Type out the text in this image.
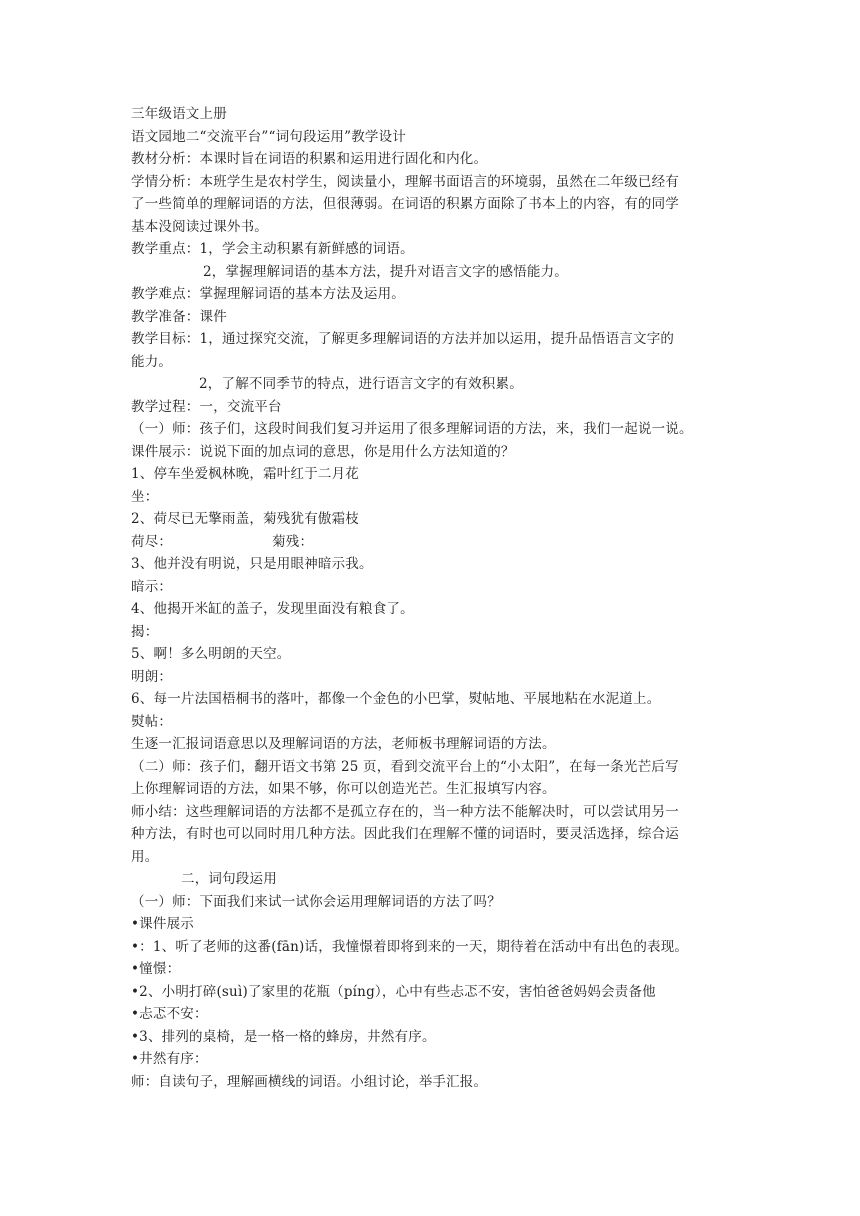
三年级语文上册
语文园地二“交流平台”“词句段运用”教学设计
教材分析：本课时旨在词语的积累和运用进行固化和内化。
学情分析：本班学生是农村学生，阅读量小，理解书面语言的环境弱，虽然在二年级已经有
了一些简单的理解词语的方法，但很薄弱。在词语的积累方面除了书本上的内容，有的同学
基本没阅读过课外书。
教学重点：1，学会主动积累有新鲜感的词语。
2，掌握理解词语的基本方法，提升对语言文字的感悟能力。
教学难点：掌握理解词语的基本方法及运用。
教学准备：课件
教学目标：1，通过探究交流，了解更多理解词语的方法并加以运用，提升品悟语言文字的
能力。
2，了解不同季节的特点，进行语言文字的有效积累。
教学过程：一，交流平台
（一）师：孩子们，这段时间我们复习并运用了很多理解词语的方法，来，我们一起说一说。
课件展示：说说下面的加点词的意思，你是用什么方法知道的？
1、停车坐爱枫林晚，霜叶红于二月花
坐：
2、荷尽已无擎雨盖，菊残犹有傲霜枝
荷尽：	菊残：
3、他并没有明说，只是用眼神暗示我。
暗示：
4、他揭开米缸的盖子，发现里面没有粮食了。
揭：
5、啊！多么明朗的天空。
明朗：
6、每一片法国梧桐书的落叶，都像一个金色的小巴掌，熨帖地、平展地粘在水泥道上。
熨帖：
生逐一汇报词语意思以及理解词语的方法，老师板书理解词语的方法。
（二）师：孩子们，翻开语文书第 25 页，看到交流平台上的“小太阳”，在每一条光芒后写
上你理解词语的方法，如果不够，你可以创造光芒。生汇报填写内容。
师小结：这些理解词语的方法都不是孤立存在的，当一种方法不能解决时，可以尝试用另一
种方法，有时也可以同时用几种方法。因此我们在理解不懂的词语时，要灵活选择，综合运
用。
二，词句段运用
（一）师：下面我们来试一试你会运用理解词语的方法了吗？
•课件展示
•：1、听了老师的这番(fān)话，我憧憬着即将到来的一天，期待着在活动中有出色的表现。
•憧憬：
•2、小明打碎(suì)了家里的花瓶（píng），心中有些忐忑不安，害怕爸爸妈妈会责备他
•忐忑不安：
•3、排列的桌椅，是一格一格的蜂房，井然有序。
•井然有序：
师：自读句子，理解画横线的词语。小组讨论，举手汇报。
